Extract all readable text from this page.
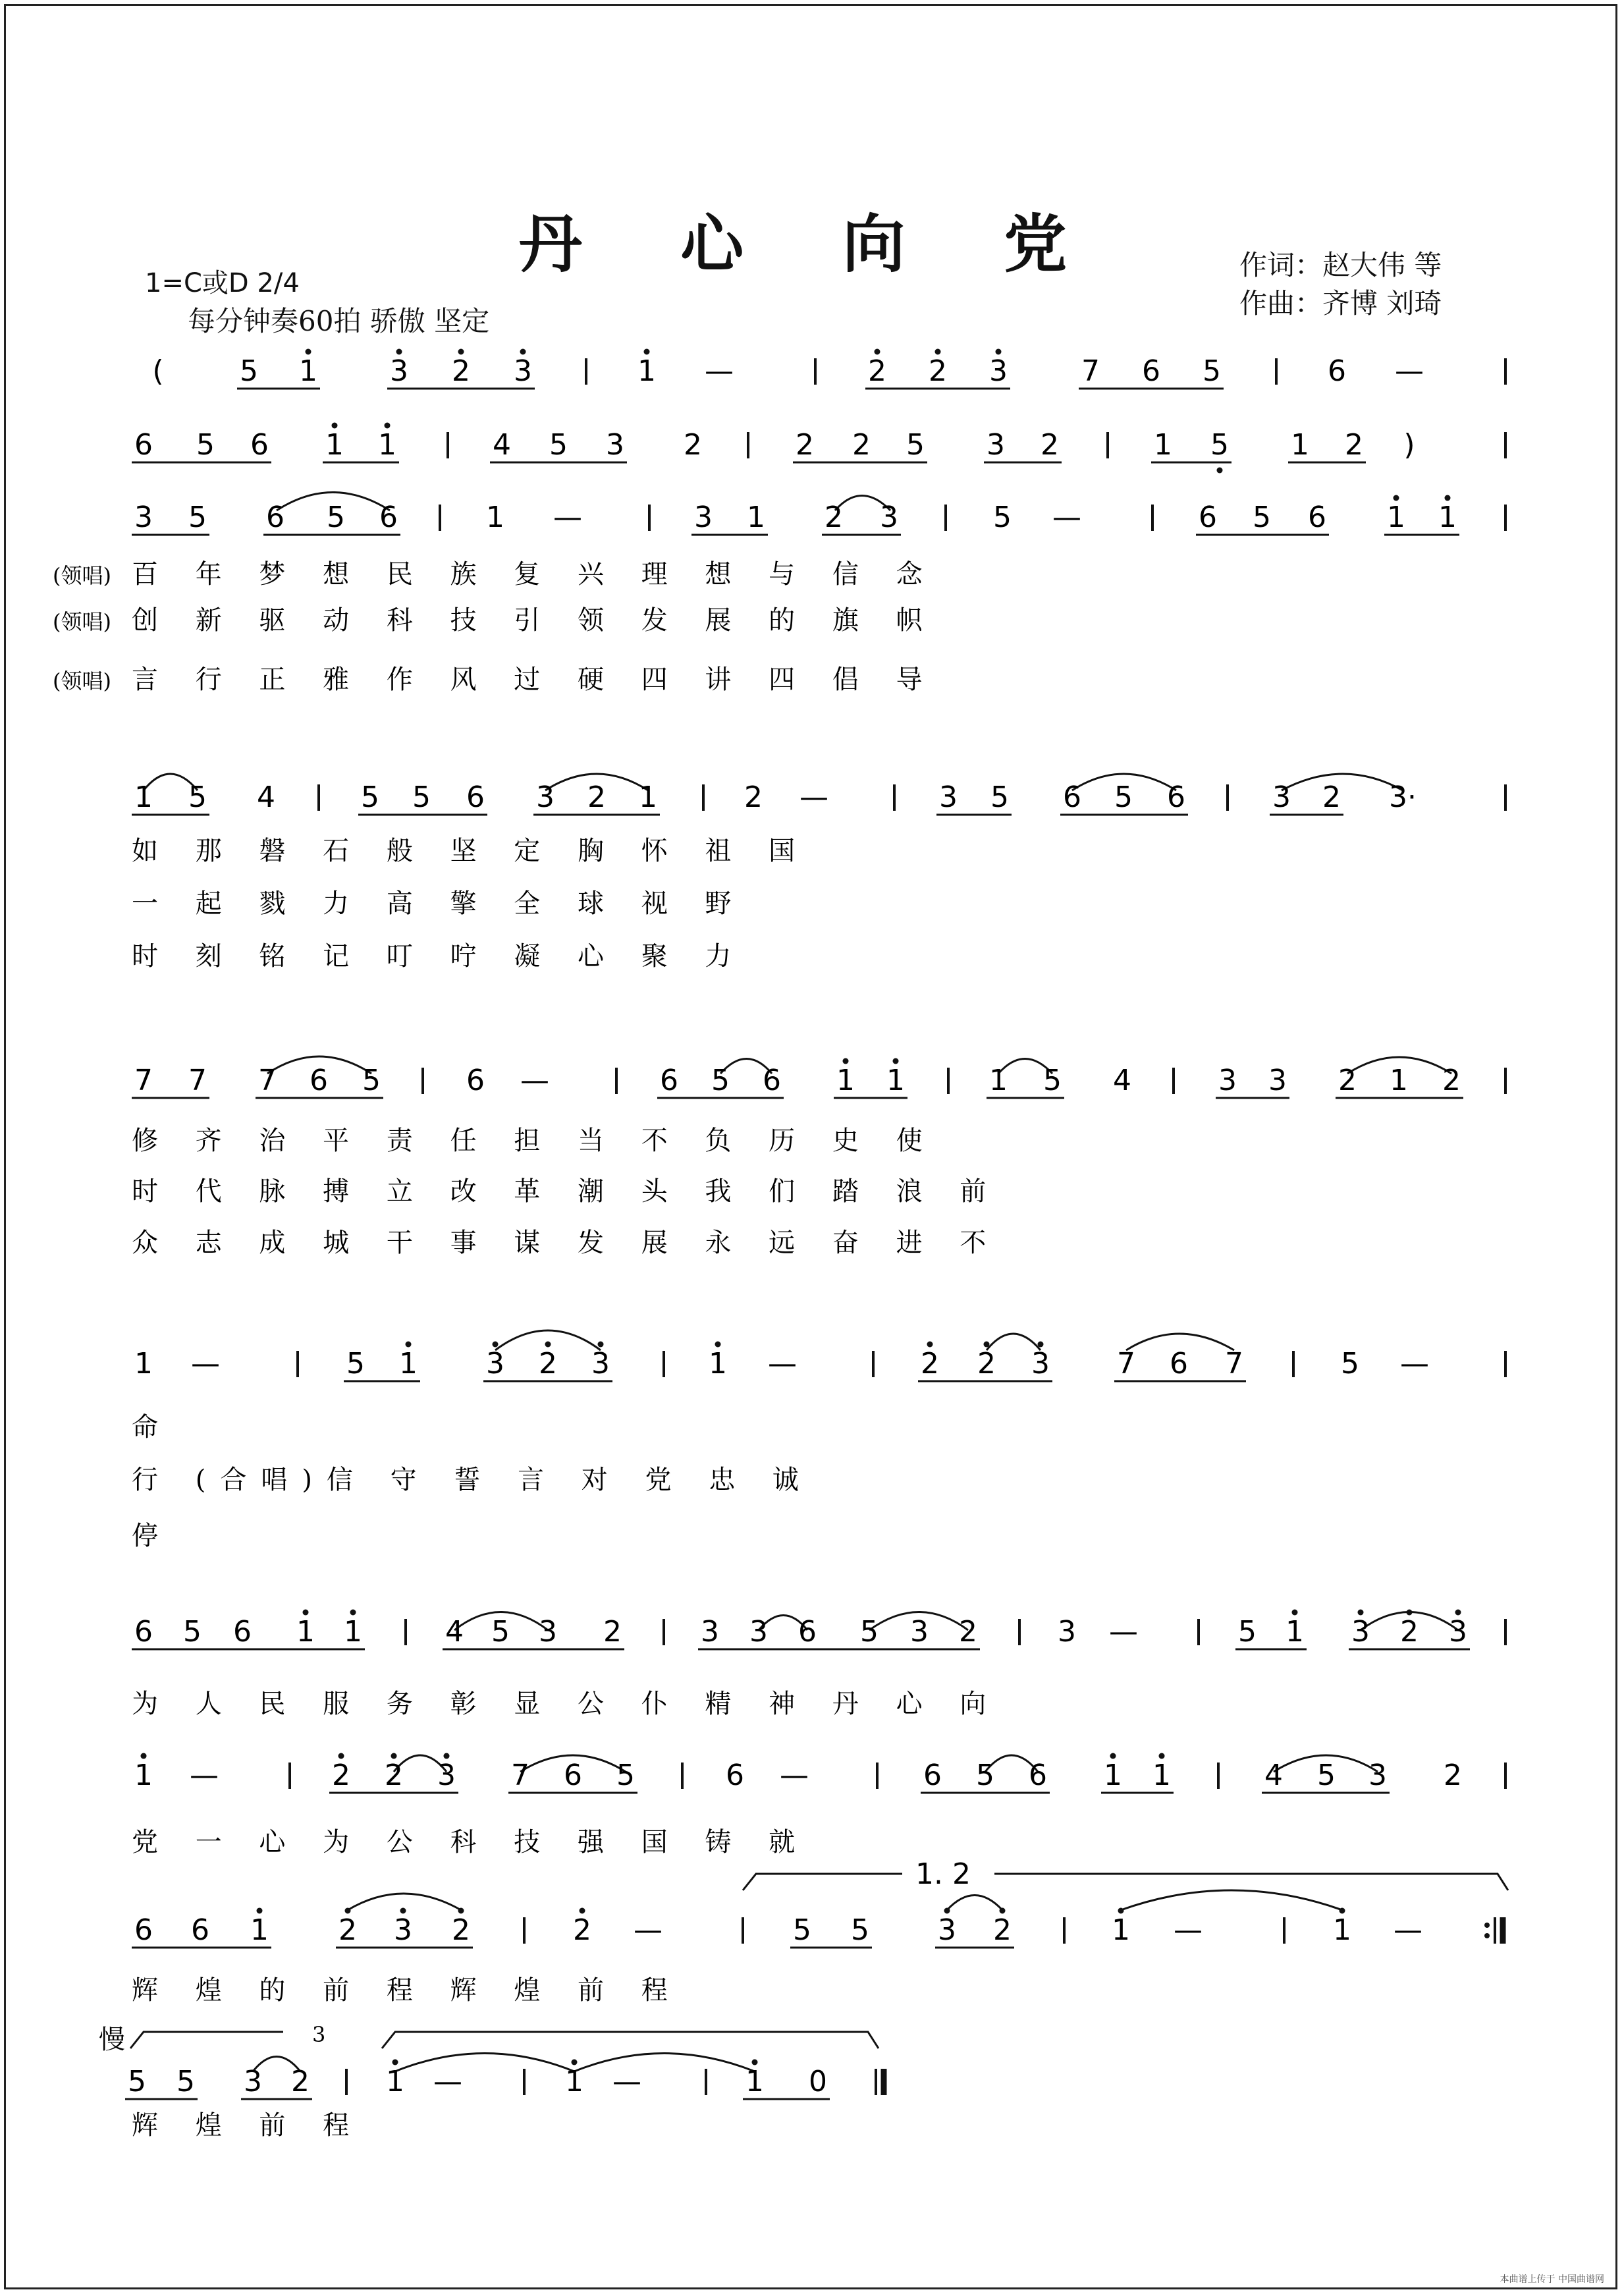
丹 心 向 党
1=C或D 2/4
每分钟奏60拍 骄傲 坚定
作词：赵大伟 等
作曲：齐博 刘琦
1. 2
3
慢
(	5 1	3 2 3	1 —	2 2 3	7 6 5	6 —
6 5 6 1 1	4 5 3 2	2 2 5 3 2	1 5 1 2 )
3 5 6 5 6	1 —	3 1 2 3	5 —	6 5 6 1 1
1 5 4	5 5 6 3 2 1	2 —	3 5 6 5 6	3 2 3·
7 7 7 6 5	6 —	6 5 6 1 1	1 5 4	3 3 2 1 2
1 —	5 1 3 2 3	1 —	2 2 3 7 6 7	5 —
6 5 6 1 1	4 5 3 2	3 3 6 5 3 2	3 —	5 1 3 2 3
1 —	2 2 3 7 6 5	6 —	6 5 6 1 1	4 5 3 2
6 6 1 2 3 2	2 —	5 5 3 2	1 —	1 —
5 5 3 2	1 —	1 —	1 0
(领唱) 百 年 梦 想 民 族 复 兴 理 想 与 信 念
(领唱) 创 新 驱 动 科 技 引 领 发 展 的 旗 帜
(领唱) 言 行 正 雅 作 风 过 硬 四 讲 四 倡 导
如 那 磐 石 般 坚 定 胸 怀 祖 国
一 起 戮 力 高 擎 全 球 视 野
时 刻 铭 记 叮 咛 凝 心 聚 力
修 齐 治 平 责 任 担 当 不 负 历 史 使
时 代 脉 搏 立 改 革 潮 头 我 们 踏 浪 前
众 志 成 城 干 事 谋 发 展 永 远 奋 进 不
命
行 (合唱)信 守 誓 言 对 党 忠 诚
停
为 人 民 服 务 彰 显 公 仆 精 神 丹 心 向
党 一 心 为 公 科 技 强 国 铸 就
辉 煌 的 前 程 辉 煌 前 程
辉 煌 前 程
本曲谱上传于 中国曲谱网
